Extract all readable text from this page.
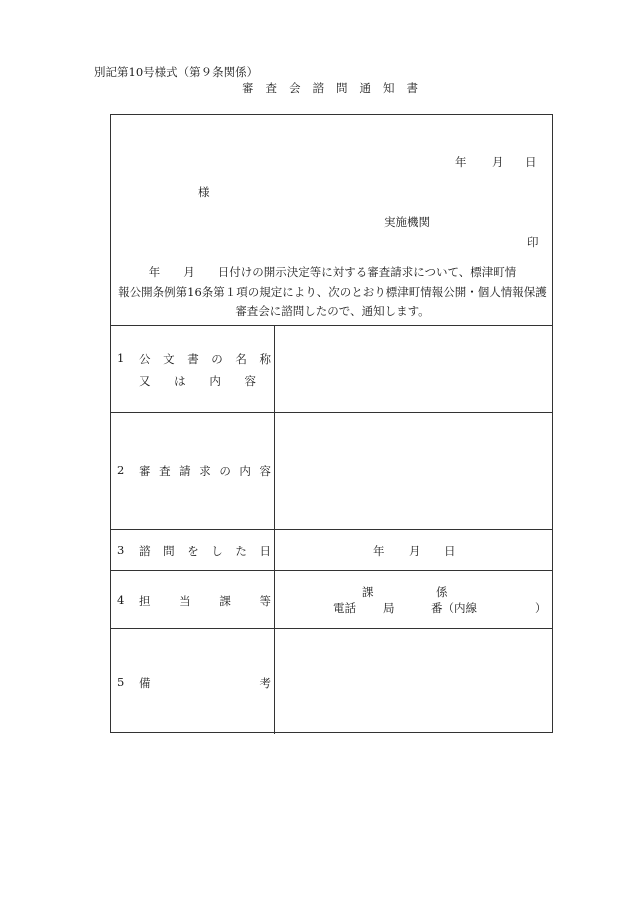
別記第10号様式（第９条関係）
審査会諮問通知書
年 月 日
様
実施機関
印
年　　月　　日付けの開示決定等に対する審査請求について、標津町情
報公開条例第16条第１項の規定により、次のとおり標津町情報公開・個人情報保護
審査会に諮問したので、通知します。
1 公 文 書 の 名 称
又 は 内 容
2 審 査 請 求 の 内 容
3 諮 問 を し た 日	年 月 日
4 担 当 課 等
課	係
電話 局	番（内線	）
5 備	考
